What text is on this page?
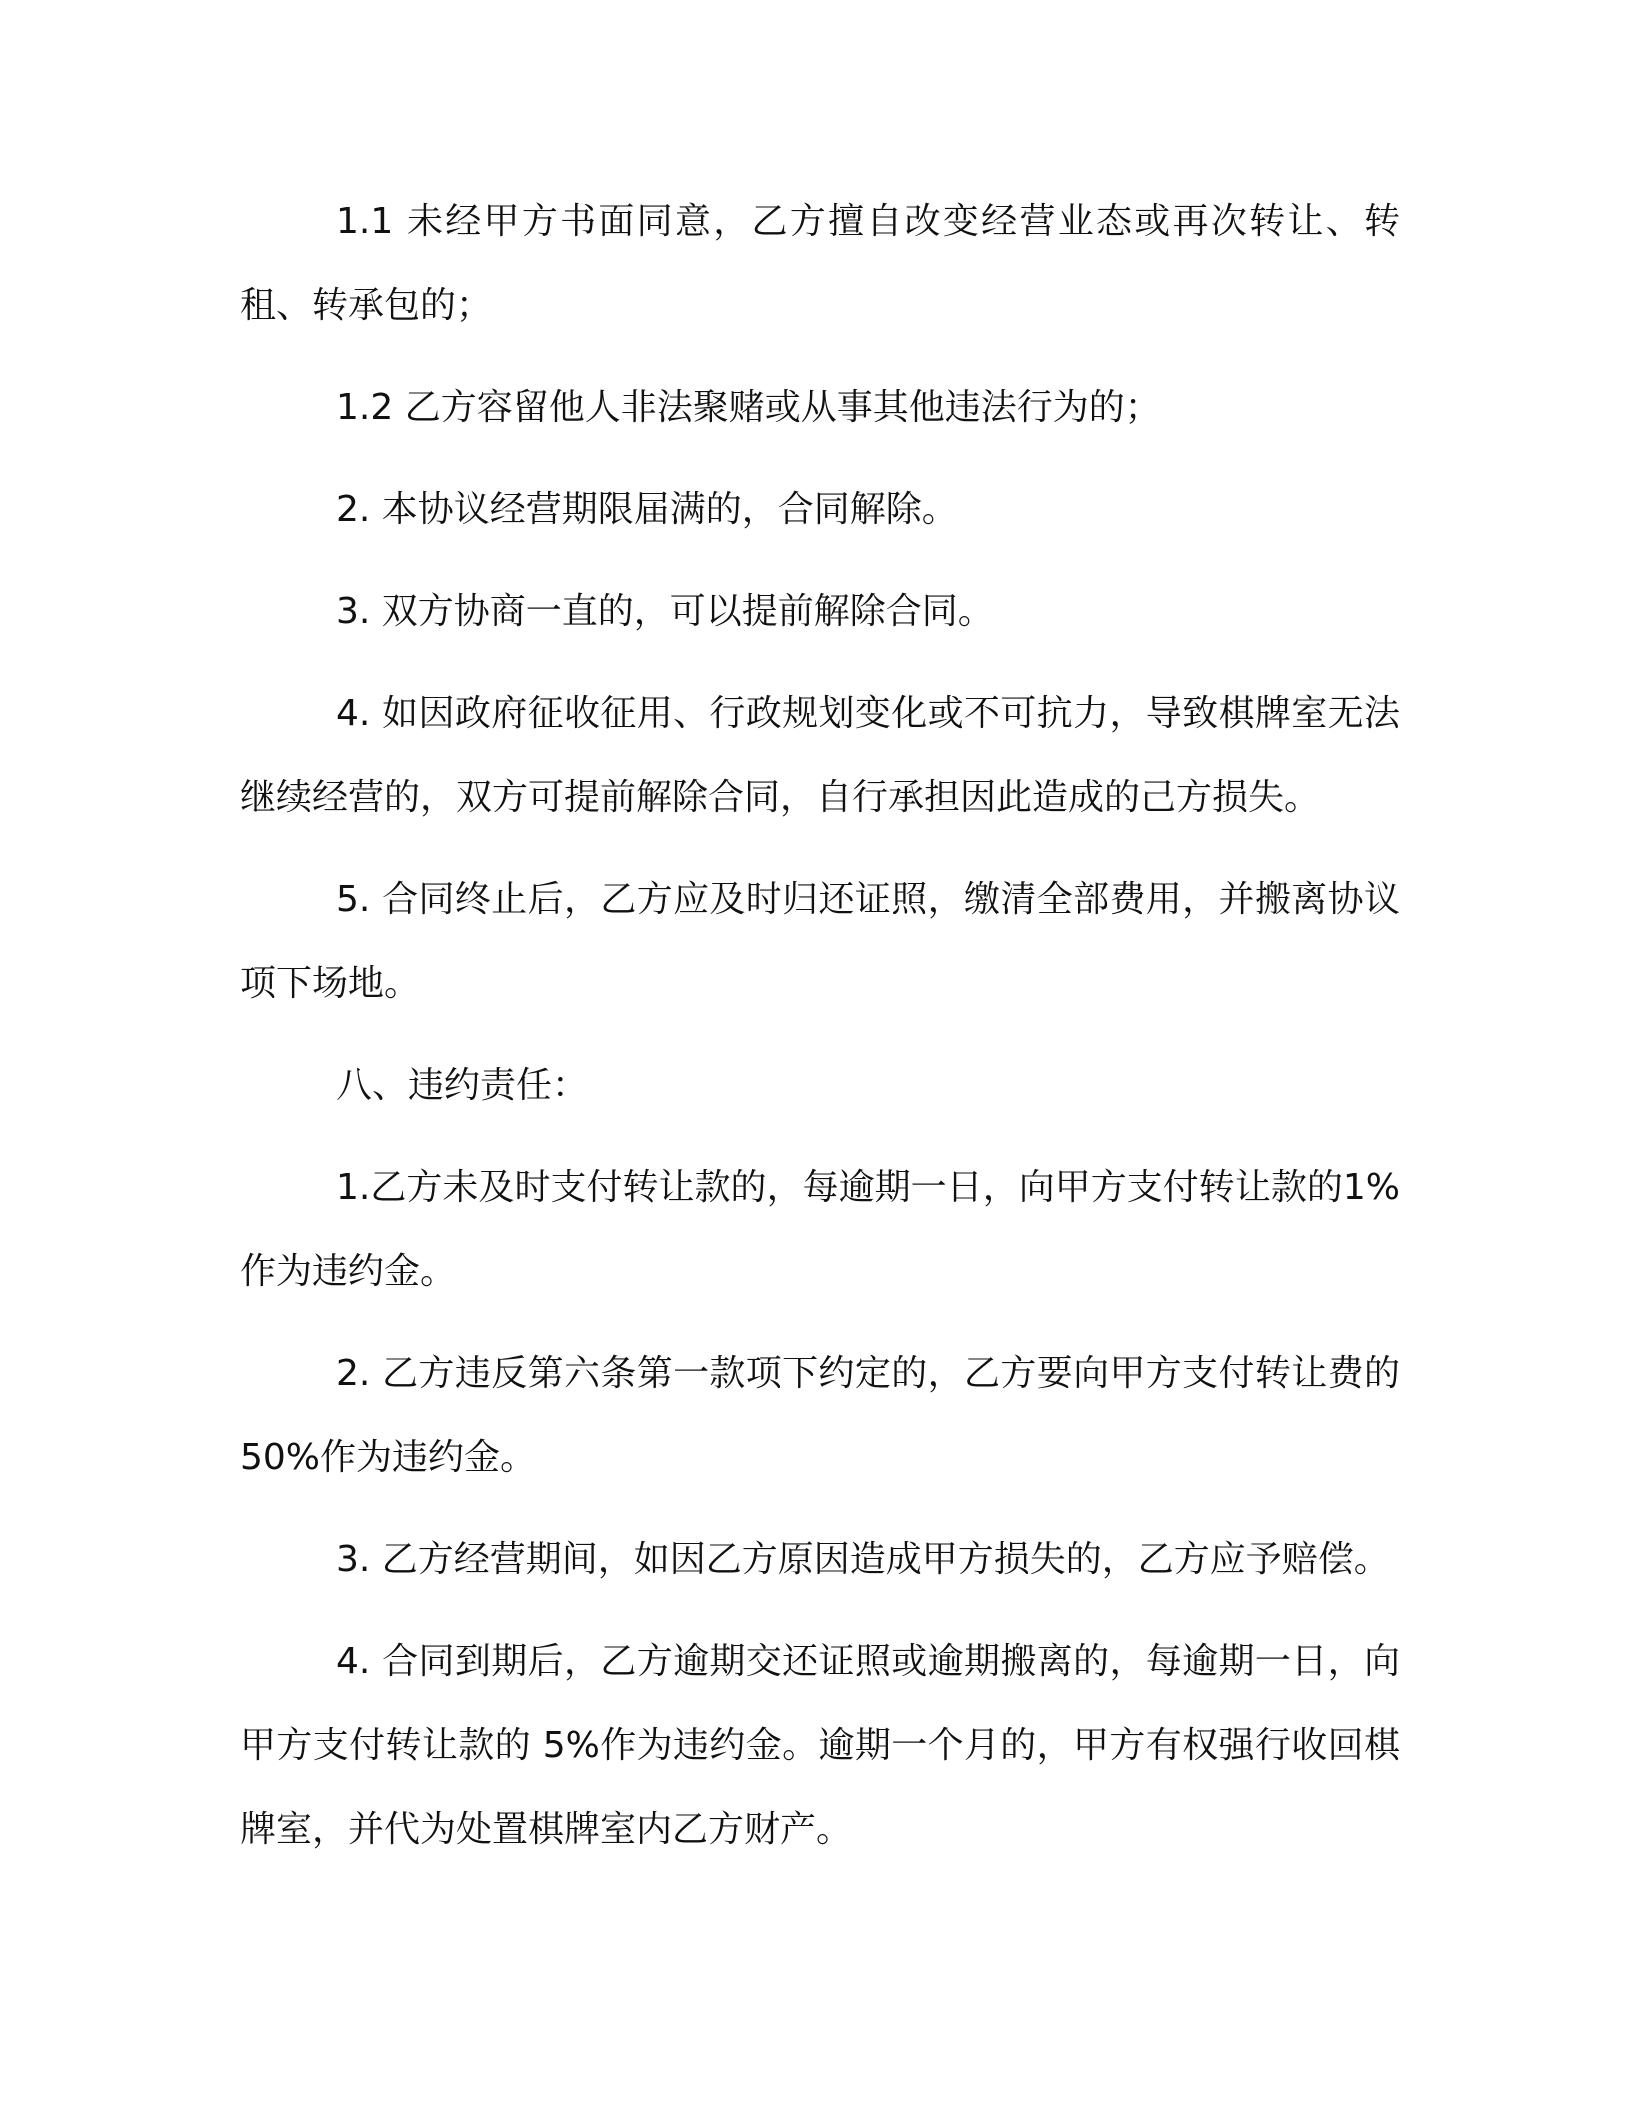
1.1 未经甲方书面同意，乙方擅自改变经营业态或再次转让、转租、转承包的；

1.2 乙方容留他人非法聚赌或从事其他违法行为的；

2. 本协议经营期限届满的，合同解除。

3. 双方协商一直的，可以提前解除合同。

4. 如因政府征收征用、行政规划变化或不可抗力，导致棋牌室无法继续经营的，双方可提前解除合同，自行承担因此造成的己方损失。

5. 合同终止后，乙方应及时归还证照，缴清全部费用，并搬离协议项下场地。

八、违约责任：

1.乙方未及时支付转让款的，每逾期一日，向甲方支付转让款的1%作为违约金。

2. 乙方违反第六条第一款项下约定的，乙方要向甲方支付转让费的 50%作为违约金。

3. 乙方经营期间，如因乙方原因造成甲方损失的，乙方应予赔偿。

4. 合同到期后，乙方逾期交还证照或逾期搬离的，每逾期一日，向甲方支付转让款的 5%作为违约金。逾期一个月的，甲方有权强行收回棋牌室，并代为处置棋牌室内乙方财产。
